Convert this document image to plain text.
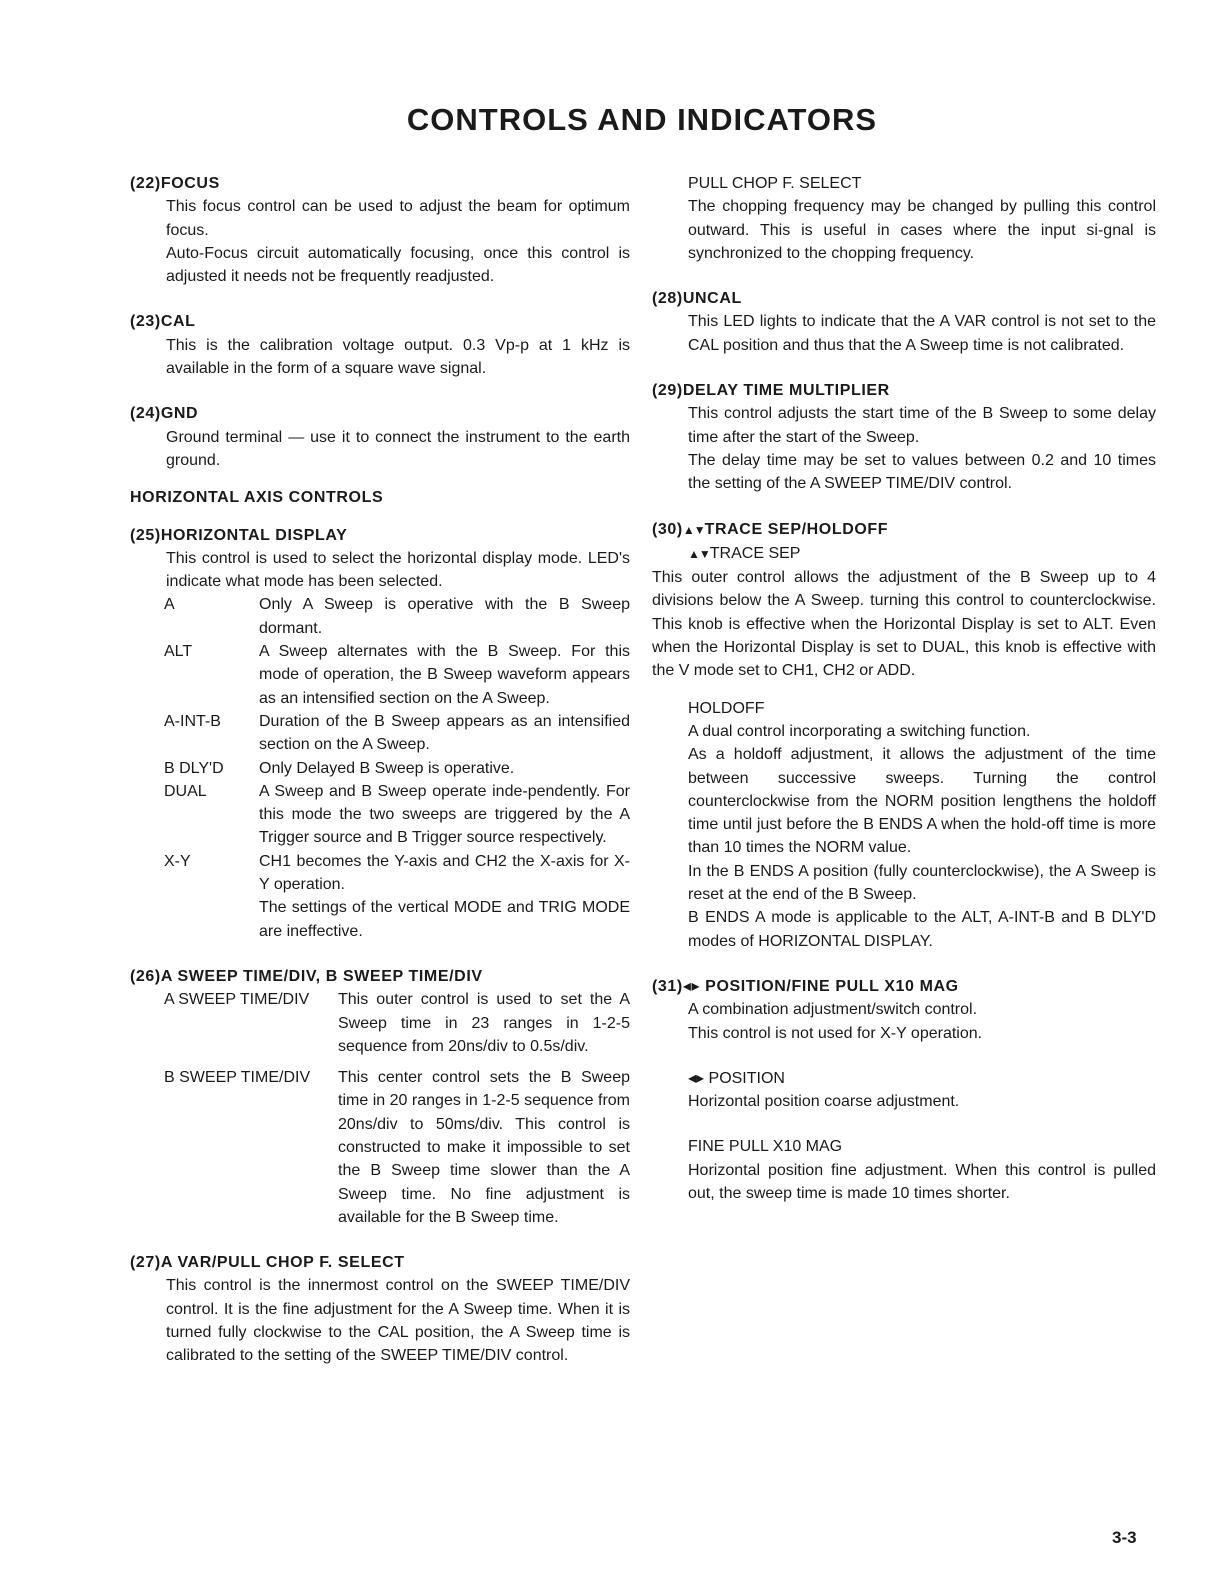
CONTROLS AND INDICATORS
(22)FOCUS

This focus control can be used to adjust the beam for optimum focus.

Auto-Focus circuit automatically focusing, once this control is adjusted it needs not be frequently readjusted.

(23)CAL

This is the calibration voltage output. 0.3 Vp-p at 1 kHz is available in the form of a square wave signal.

(24)GND

Ground terminal — use it to connect the instrument to the earth ground.

HORIZONTAL AXIS CONTROLS
(25)HORIZONTAL DISPLAY

This control is used to select the horizontal display mode. LED's indicate what mode has been selected.

A	Only A Sweep is operative with the B Sweep dormant.
ALT	A Sweep alternates with the B Sweep. For this mode of operation, the B Sweep waveform appears as an intensified section on the A Sweep.
A-INT-B	Duration of the B Sweep appears as an intensified section on the A Sweep.
B DLY'D	Only Delayed B Sweep is operative.
DUAL	A Sweep and B Sweep operate inde-pendently. For this mode the two sweeps are triggered by the A Trigger source and B Trigger source respectively.
X-Y	CH1 becomes the Y-axis and CH2 the X-axis for X-Y operation.
The settings of the vertical MODE and TRIG MODE are ineffective.
(26)A SWEEP TIME/DIV, B SWEEP TIME/DIV
A SWEEP TIME/DIV	This outer control is used to set the A Sweep time in 23 ranges in 1-2-5 sequence from 20ns/div to 0.5s/div.
B SWEEP TIME/DIV	This center control sets the B Sweep time in 20 ranges in 1-2-5 sequence from 20ns/div to 50ms/div. This control is constructed to make it impossible to set the B Sweep time slower than the A Sweep time. No fine adjustment is available for the B Sweep time.
(27)A VAR/PULL CHOP F. SELECT

This control is the innermost control on the SWEEP TIME/DIV control. It is the fine adjustment for the A Sweep time. When it is turned fully clockwise to the CAL position, the A Sweep time is calibrated to the setting of the SWEEP TIME/DIV control.

PULL CHOP F. SELECT

The chopping frequency may be changed by pulling this control outward. This is useful in cases where the input si-gnal is synchronized to the chopping frequency.

(28)UNCAL

This LED lights to indicate that the A VAR control is not set to the CAL position and thus that the A Sweep time is not calibrated.

(29)DELAY TIME MULTIPLIER

This control adjusts the start time of the B Sweep to some delay time after the start of the Sweep.

The delay time may be set to values between 0.2 and 10 times the setting of the A SWEEP TIME/DIV control.

(30)▲▼TRACE SEP/HOLDOFF
▲▼TRACE SEP

This outer control allows the adjustment of the B Sweep up to 4 divisions below the A Sweep. turning this control to counterclockwise. This knob is effective when the Horizontal Display is set to ALT. Even when the Horizontal Display is set to DUAL, this knob is effective with the V mode set to CH1, CH2 or ADD.

HOLDOFF

A dual control incorporating a switching function.

As a holdoff adjustment, it allows the adjustment of the time between successive sweeps. Turning the control counterclockwise from the NORM position lengthens the holdoff time until just before the B ENDS A when the hold-off time is more than 10 times the NORM value.

In the B ENDS A position (fully counterclockwise), the A Sweep is reset at the end of the B Sweep.

B ENDS A mode is applicable to the ALT, A-INT-B and B DLY'D modes of HORIZONTAL DISPLAY.

(31)◂▸ POSITION/FINE PULL X10 MAG

A combination adjustment/switch control.

This control is not used for X-Y operation.

◂▸ POSITION

Horizontal position coarse adjustment.

FINE PULL X10 MAG

Horizontal position fine adjustment. When this control is pulled out, the sweep time is made 10 times shorter.

3-3
